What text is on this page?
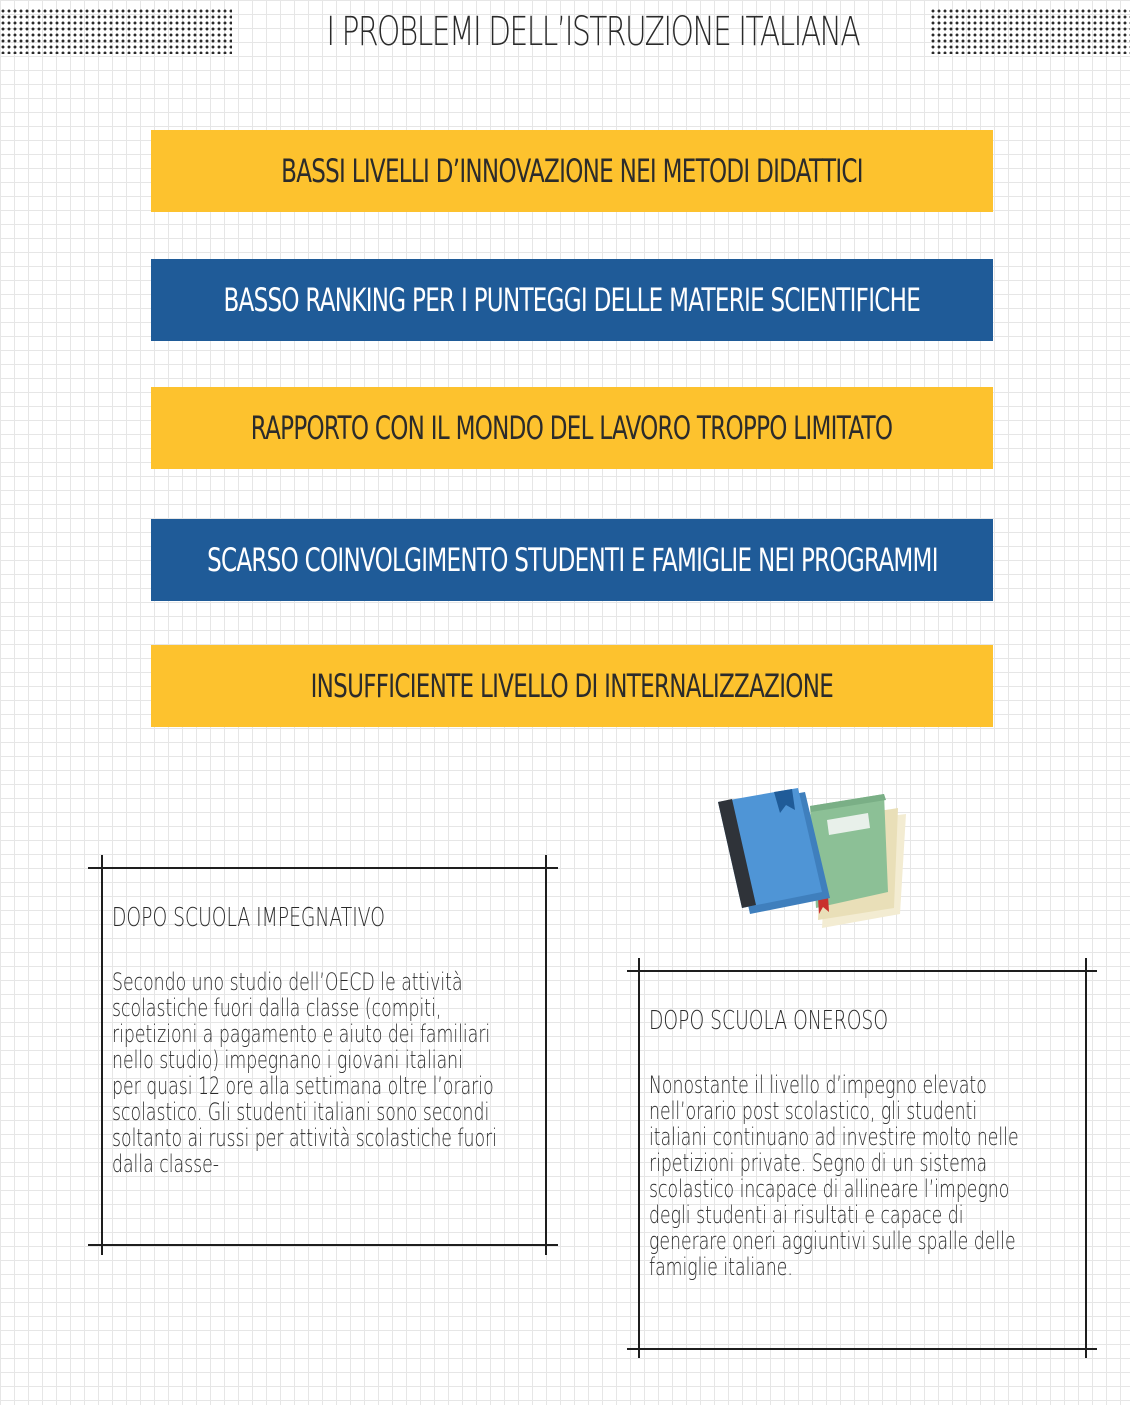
I PROBLEMI DELL’ISTRUZIONE ITALIANA
BASSI LIVELLI D’INNOVAZIONE NEI METODI DIDATTICI
BASSO RANKING PER I PUNTEGGI DELLE MATERIE SCIENTIFICHE
RAPPORTO CON IL MONDO DEL LAVORO TROPPO LIMITATO
SCARSO COINVOLGIMENTO STUDENTI E FAMIGLIE NEI PROGRAMMI
INSUFFICIENTE LIVELLO DI INTERNALIZZAZIONE
DOPO SCUOLA IMPEGNATIVO
Secondo uno studio dell’OECD le attività
scolastiche fuori dalla classe (compiti,
ripetizioni a pagamento e aiuto dei familiari
nello studio) impegnano i giovani italiani
per quasi 12 ore alla settimana oltre l’orario
scolastico. Gli studenti italiani sono secondi
soltanto ai russi per attività scolastiche fuori
dalla classe-
DOPO SCUOLA ONEROSO
Nonostante il livello d’impegno elevato
nell’orario post scolastico, gli studenti
italiani continuano ad investire molto nelle
ripetizioni private. Segno di un sistema
scolastico incapace di allineare l’impegno
degli studenti ai risultati e capace di
generare oneri aggiuntivi sulle spalle delle
famiglie italiane.
